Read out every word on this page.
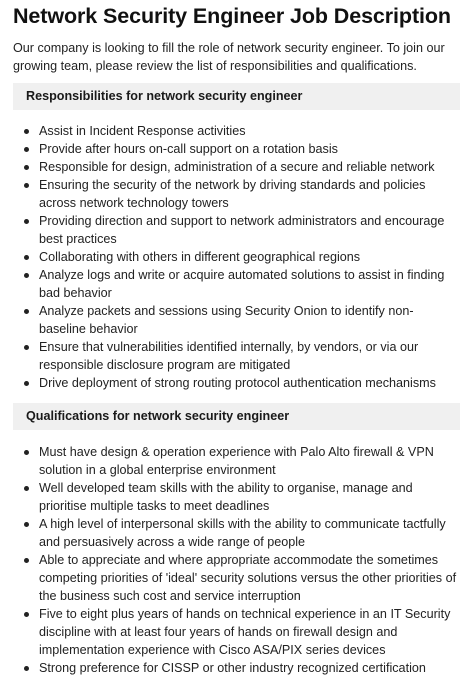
Network Security Engineer Job Description

Our company is looking to fill the role of network security engineer. To join our growing team, please review the list of responsibilities and qualifications.

Responsibilities for network security engineer
Assist in Incident Response activities
Provide after hours on-call support on a rotation basis
Responsible for design, administration of a secure and reliable network
Ensuring the security of the network by driving standards and policies across network technology towers
Providing direction and support to network administrators and encourage best practices
Collaborating with others in different geographical regions
Analyze logs and write or acquire automated solutions to assist in finding bad behavior
Analyze packets and sessions using Security Onion to identify non-baseline behavior
Ensure that vulnerabilities identified internally, by vendors, or via our responsible disclosure program are mitigated
Drive deployment of strong routing protocol authentication mechanisms
Qualifications for network security engineer
Must have design & operation experience with Palo Alto firewall & VPN solution in a global enterprise environment
Well developed team skills with the ability to organise, manage and prioritise multiple tasks to meet deadlines
A high level of interpersonal skills with the ability to communicate tactfully and persuasively across a wide range of people
Able to appreciate and where appropriate accommodate the sometimes competing priorities of 'ideal' security solutions versus the other priorities of the business such cost and service interruption
Five to eight plus years of hands on technical experience in an IT Security discipline with at least four years of hands on firewall design and implementation experience with Cisco ASA/PIX series devices
Strong preference for CISSP or other industry recognized certification
